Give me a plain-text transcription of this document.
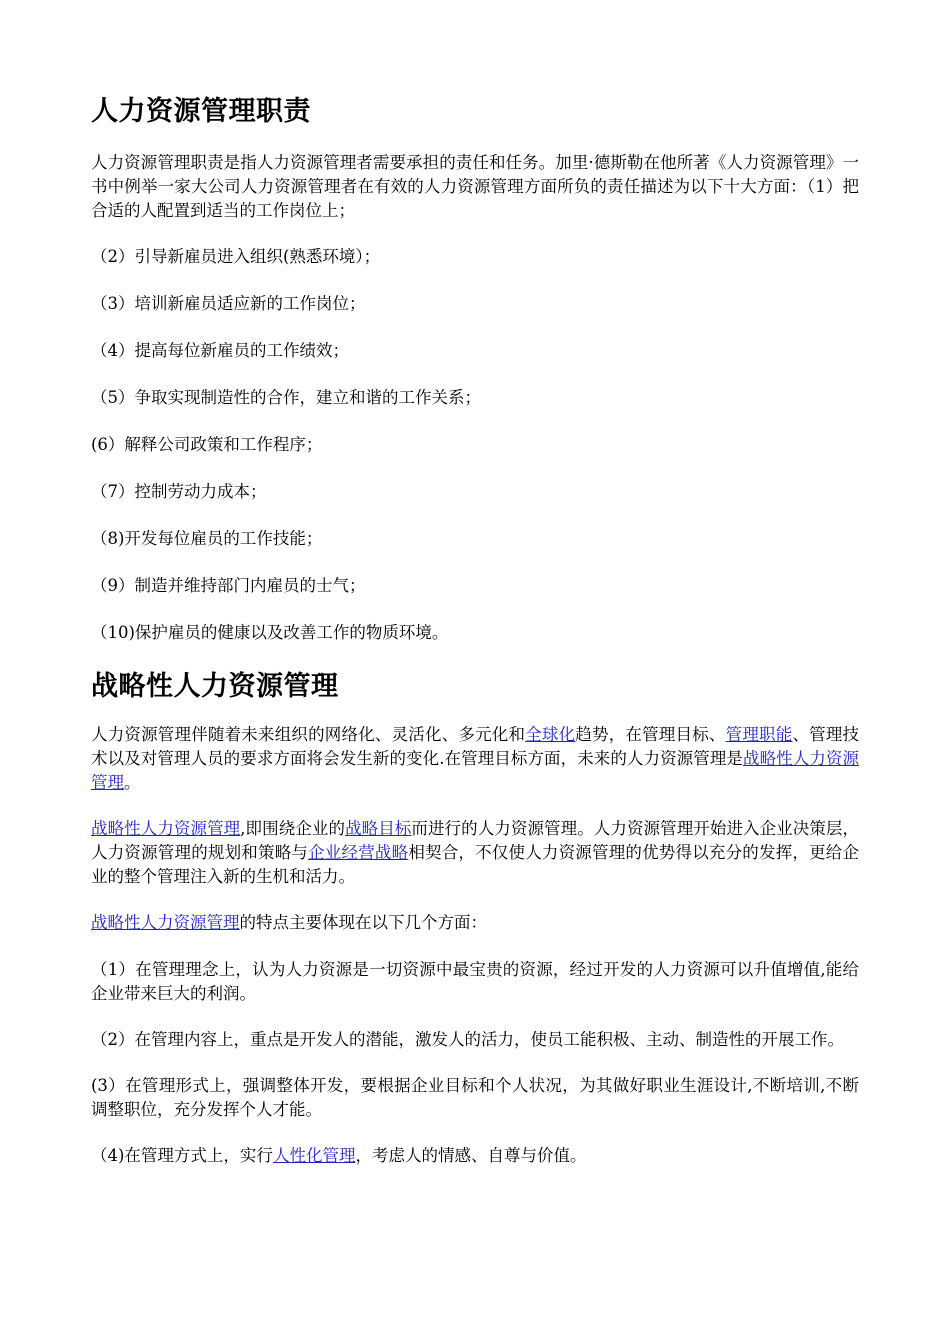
人力资源管理职责

人力资源管理职责是指人力资源管理者需要承担的责任和任务。加里·德斯勒在他所著《人力资源管理》一书中例举一家大公司人力资源管理者在有效的人力资源管理方面所负的责任描述为以下十大方面：（1）把合适的人配置到适当的工作岗位上；

（2）引导新雇员进入组织(熟悉环境）；

（3）培训新雇员适应新的工作岗位；

（4）提高每位新雇员的工作绩效；

（5）争取实现制造性的合作，建立和谐的工作关系；

(6）解释公司政策和工作程序；

（7）控制劳动力成本；

（8)开发每位雇员的工作技能；

（9）制造并维持部门内雇员的士气；

（10)保护雇员的健康以及改善工作的物质环境。

战略性人力资源管理

人力资源管理伴随着未来组织的网络化、灵活化、多元化和全球化趋势，在管理目标、管理职能、管理技术以及对管理人员的要求方面将会发生新的变化.在管理目标方面，未来的人力资源管理是战略性人力资源管理。

战略性人力资源管理,即围绕企业的战略目标而进行的人力资源管理。人力资源管理开始进入企业决策层，人力资源管理的规划和策略与企业经营战略相契合，不仅使人力资源管理的优势得以充分的发挥，更给企业的整个管理注入新的生机和活力。

战略性人力资源管理的特点主要体现在以下几个方面：

（1）在管理理念上，认为人力资源是一切资源中最宝贵的资源，经过开发的人力资源可以升值增值,能给企业带来巨大的利润。

（2）在管理内容上，重点是开发人的潜能，激发人的活力，使员工能积极、主动、制造性的开展工作。

(3）在管理形式上，强调整体开发，要根据企业目标和个人状况，为其做好职业生涯设计,不断培训,不断调整职位，充分发挥个人才能。

（4)在管理方式上，实行人性化管理，考虑人的情感、自尊与价值。
